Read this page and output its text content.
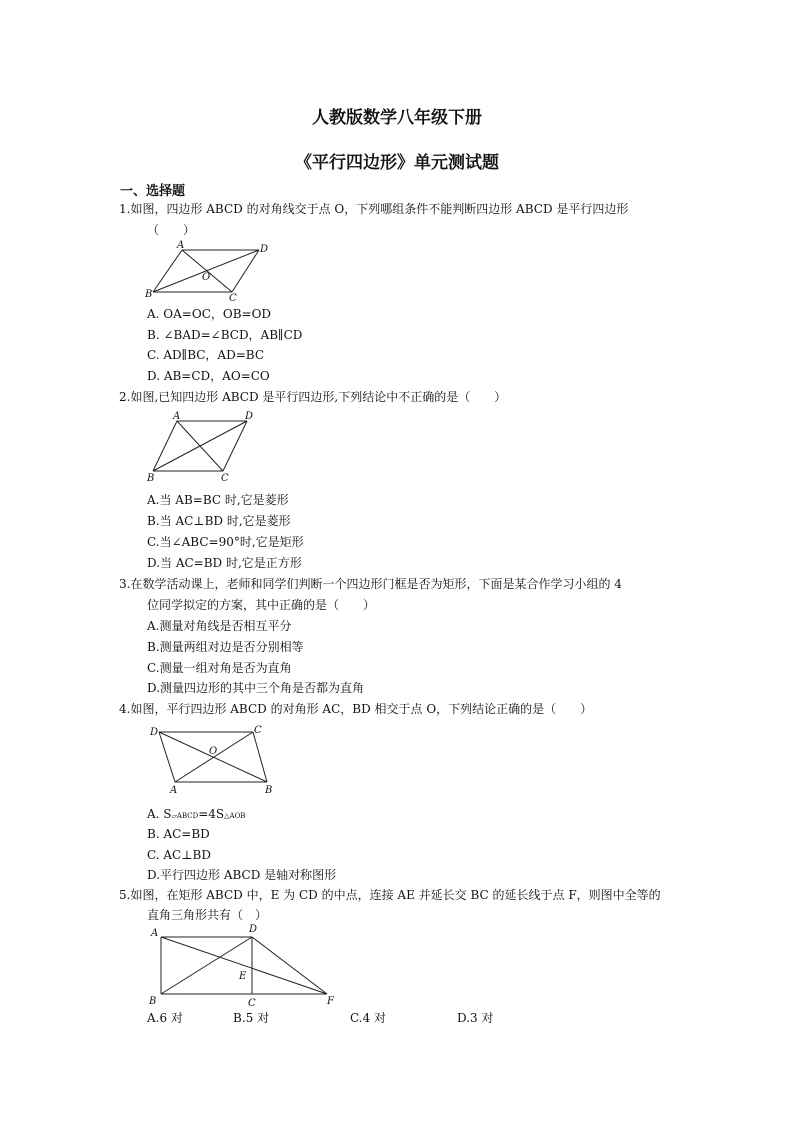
人教版数学八年级下册
《平行四边形》单元测试题
一、选择题
1.如图，四边形 ABCD 的对角线交于点 O，下列哪组条件不能判断四边形 ABCD 是平行四边形
（　　）
A	D
B	C
O
A. OA=OC，OB=OD
B. ∠BAD=∠BCD，AB∥CD
C. AD∥BC，AD=BC
D. AB=CD，AO=CO
2.如图,已知四边形 ABCD 是平行四边形,下列结论中不正确的是（　　）
A	D
B	C
A.当 AB=BC 时,它是菱形
B.当 AC⊥BD 时,它是菱形
C.当∠ABC=90°时,它是矩形
D.当 AC=BD 时,它是正方形
3.在数学活动课上，老师和同学们判断一个四边形门框是否为矩形，下面是某合作学习小组的 4
位同学拟定的方案，其中正确的是（　　）
A.测量对角线是否相互平分
B.测量两组对边是否分别相等
C.测量一组对角是否为直角
D.测量四边形的其中三个角是否都为直角
4.如图，平行四边形 ABCD 的对角形 AC，BD 相交于点 O，下列结论正确的是（　　）
D	C
A	B
O
A. S▱ABCD=4S△AOB
B. AC=BD
C. AC⊥BD
D.平行四边形 ABCD 是轴对称图形
5.如图，在矩形 ABCD 中，E 为 CD 的中点，连接 AE 并延长交 BC 的延长线于点 F，则图中全等的
直角三角形共有（　）
A	D
B	C
E
F
A.6 对	B.5 对	C.4 对	D.3 对
